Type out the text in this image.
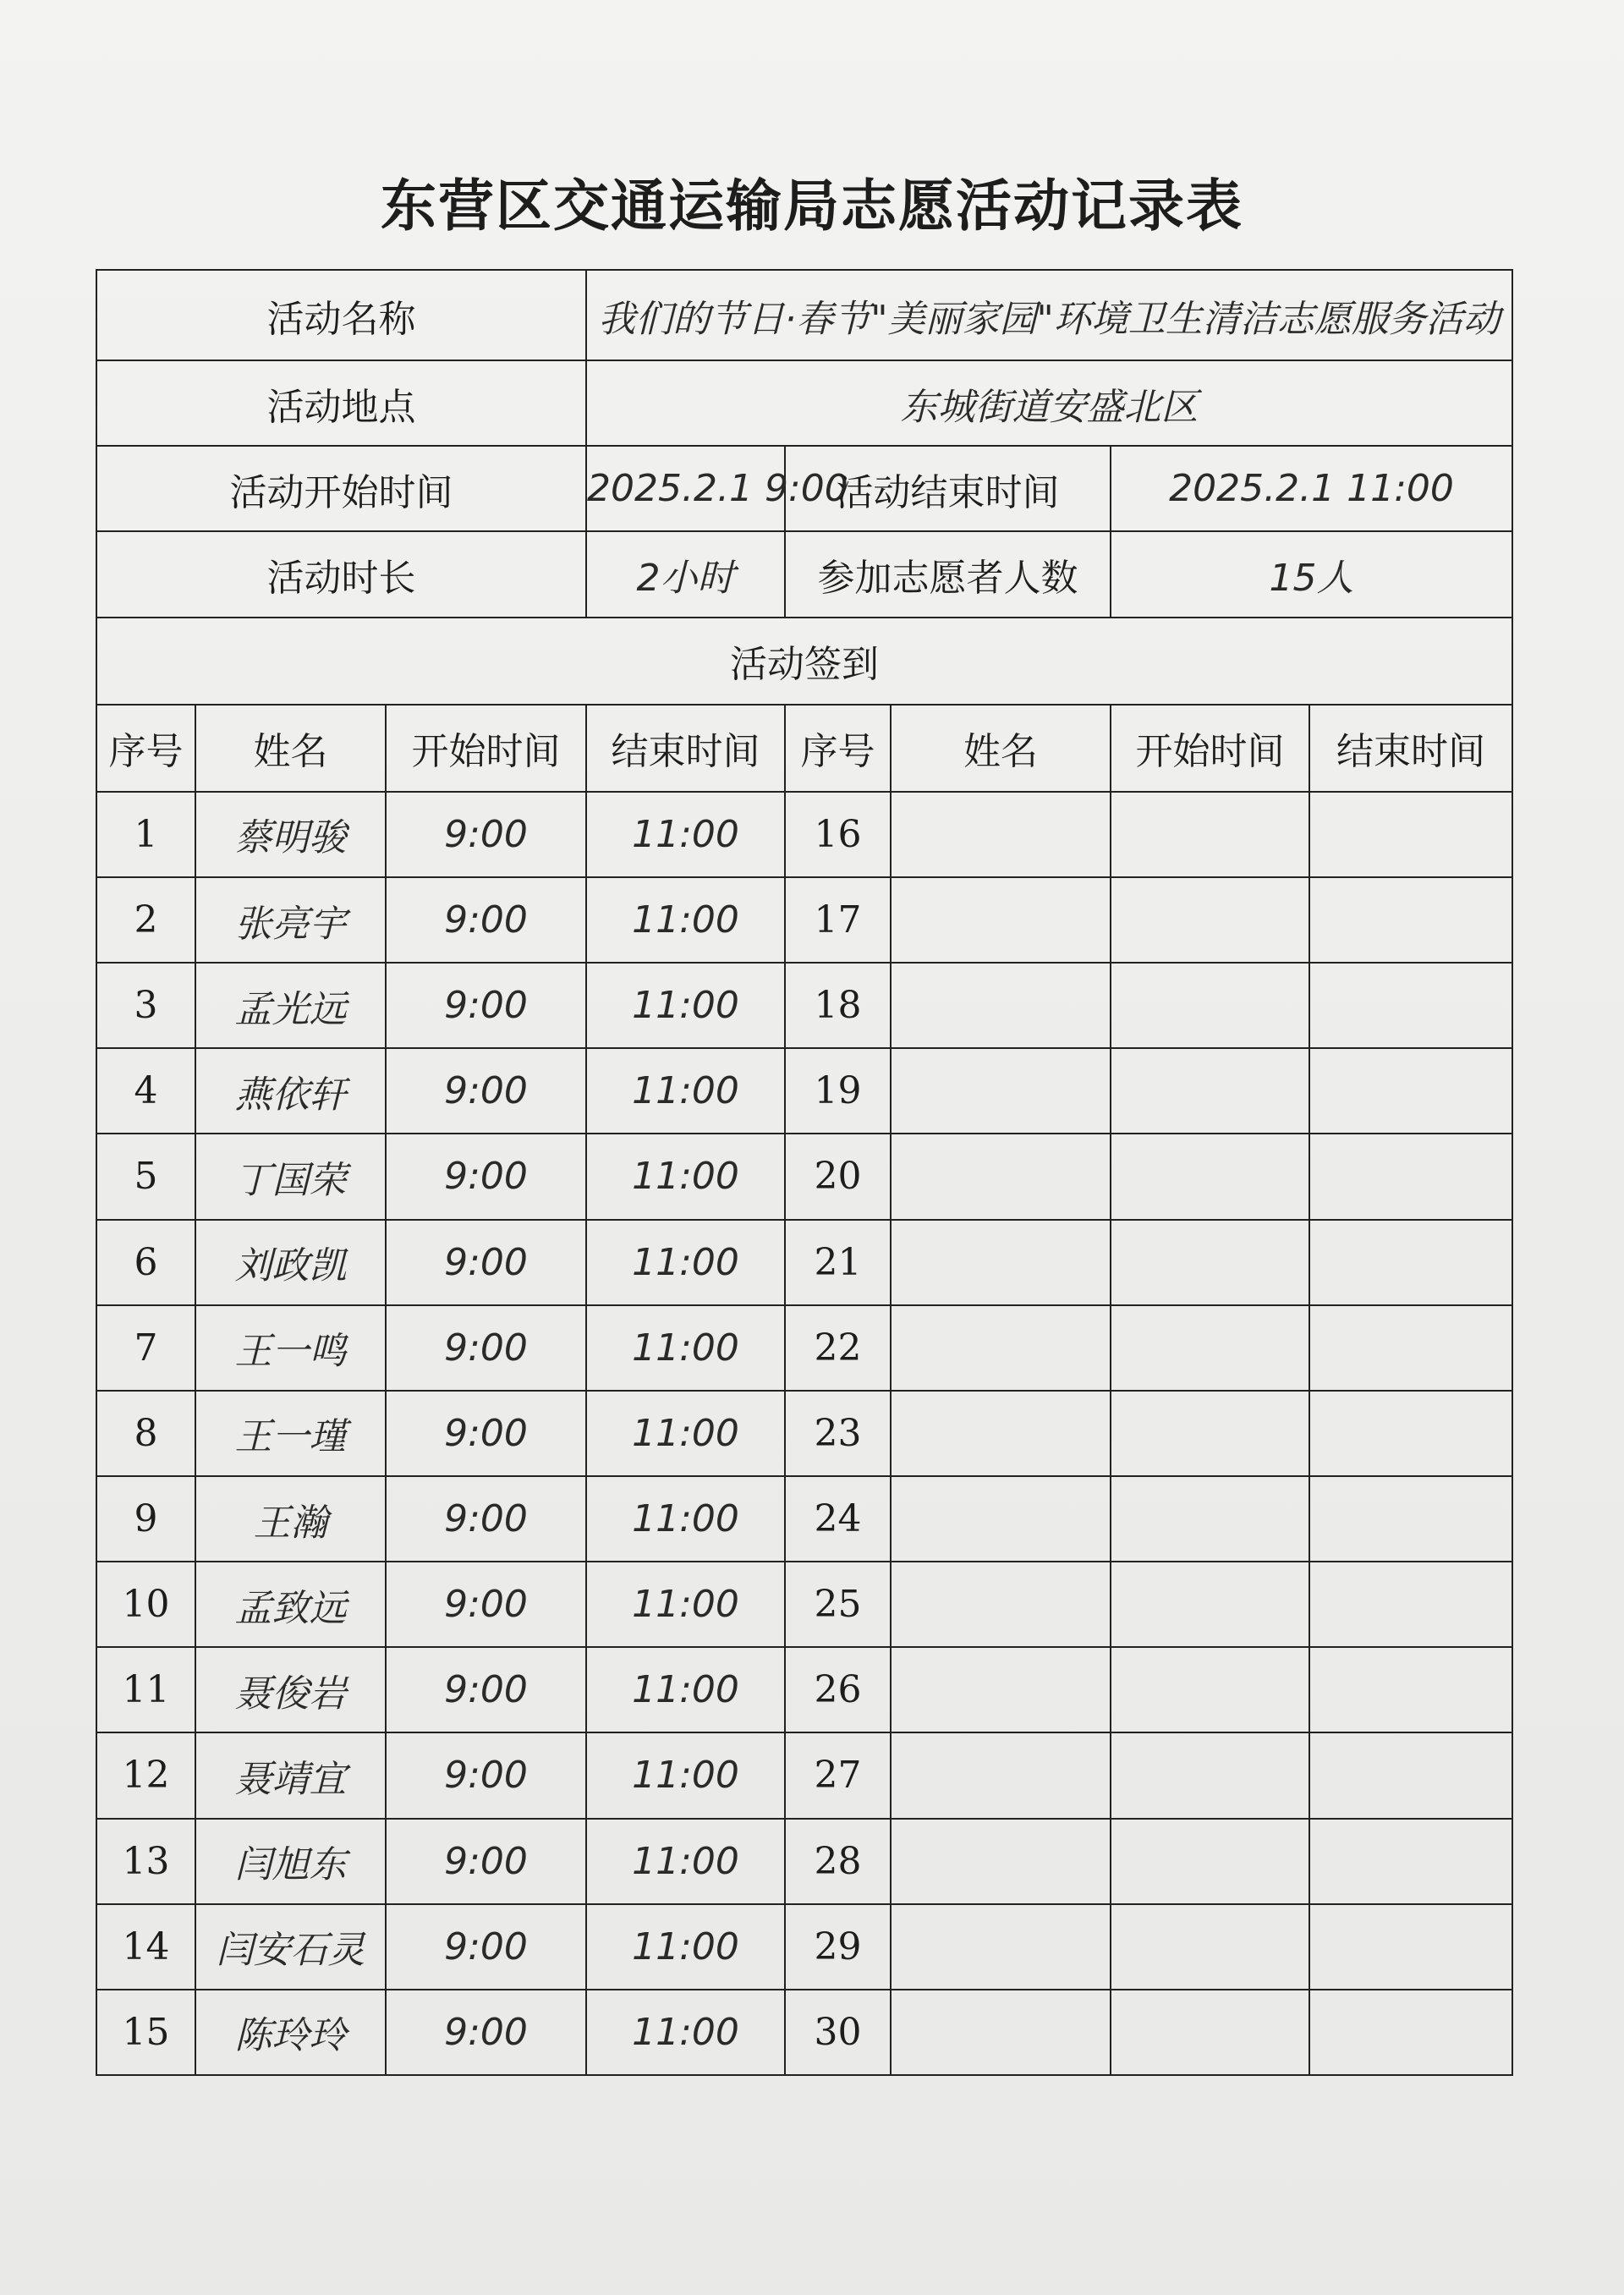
东营区交通运输局志愿活动记录表
活动名称			我们的节日·春节"美丽家园"环境卫生清洁志愿服务活动				
活动地点			东城街道安盛北区				
活动开始时间			2025.2.1 9:00	活动结束时间		2025.2.1 11:00	
活动时长			2小时	参加志愿者人数		15人	
活动签到							
序号	姓名	开始时间	结束时间	序号	姓名	开始时间	结束时间
1	蔡明骏	9:00	11:00	16			
2	张亮宇	9:00	11:00	17			
3	孟光远	9:00	11:00	18			
4	燕依轩	9:00	11:00	19			
5	丁国荣	9:00	11:00	20			
6	刘政凯	9:00	11:00	21			
7	王一鸣	9:00	11:00	22			
8	王一瑾	9:00	11:00	23			
9	王瀚	9:00	11:00	24			
10	孟致远	9:00	11:00	25			
11	聂俊岩	9:00	11:00	26			
12	聂靖宜	9:00	11:00	27			
13	闫旭东	9:00	11:00	28			
14	闫安石灵	9:00	11:00	29			
15	陈玲玲	9:00	11:00	30			
